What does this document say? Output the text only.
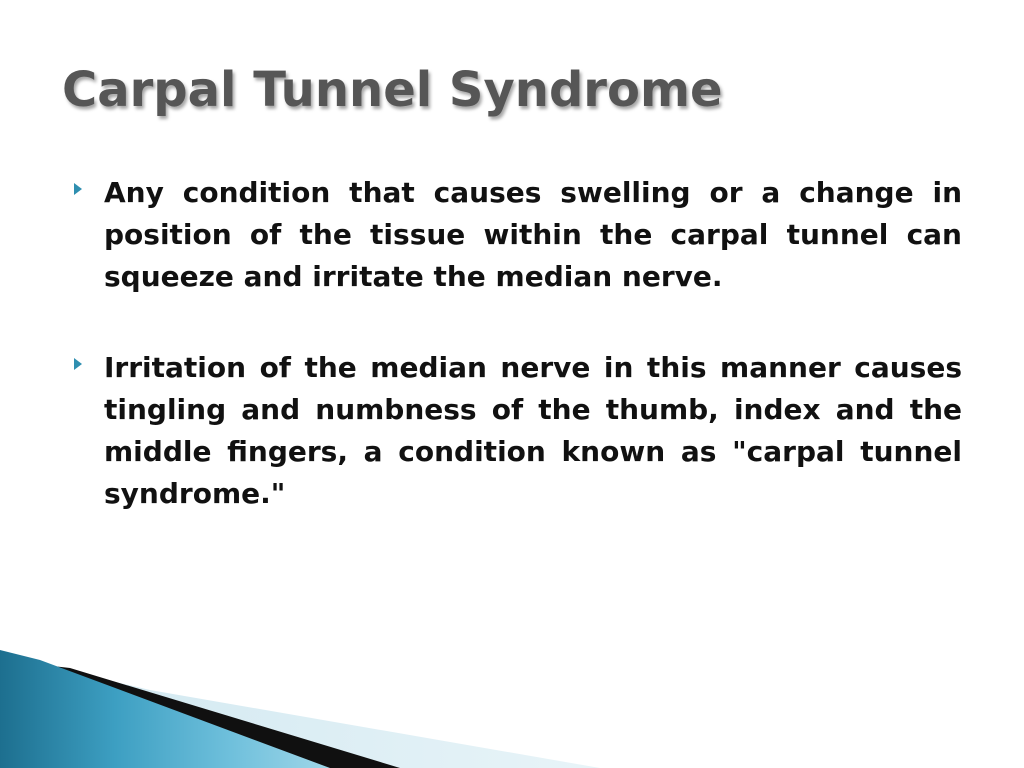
Carpal Tunnel Syndrome
Any condition that causes swelling or a change in position of the tissue within the carpal tunnel can squeeze and irritate the median nerve.
Irritation of the median nerve in this manner causes tingling and numbness of the thumb, index and the middle fingers, a condition known as "carpal tunnel syndrome."
